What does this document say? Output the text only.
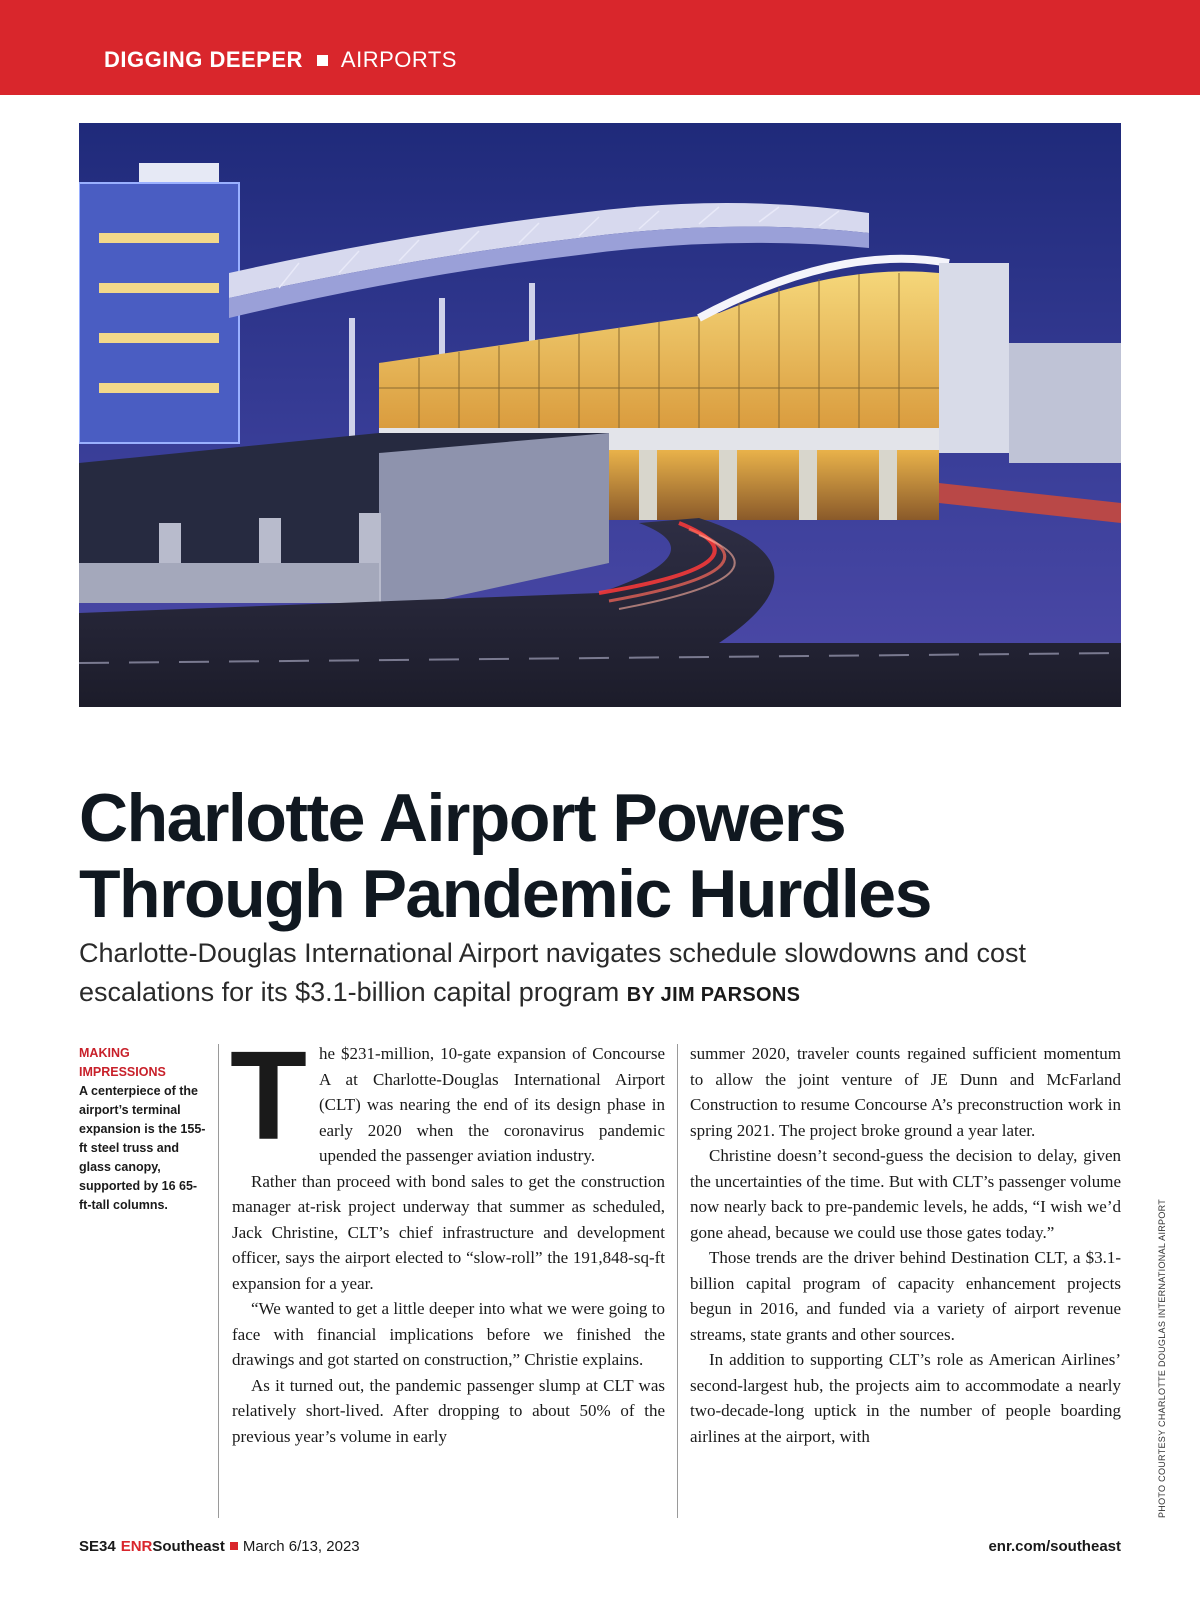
DIGGING DEEPER AIRPORTS
Charlotte Airport Powers
Through Pandemic Hurdles
Charlotte-Douglas International Airport navigates schedule slowdowns and cost escalations for its $3.1-billion capital program BY JIM PARSONS
MAKING IMPRESSIONS
A centerpiece of the airport’s terminal expansion is the 155-ft steel truss and glass canopy, supported by 16 65-ft-tall columns.

The $231-million, 10-gate expansion of Concourse A at Charlotte-Douglas International Airport (CLT) was nearing the end of its design phase in early 2020 when the coronavirus pandemic upended the passenger aviation industry.

Rather than proceed with bond sales to get the construction manager at-risk project underway that summer as scheduled, Jack Christine, CLT’s chief infrastructure and development officer, says the airport elected to “slow-roll” the 191,848-sq-ft expansion for a year.

“We wanted to get a little deeper into what we were going to face with financial implications before we finished the drawings and got started on construction,” Christie explains.

As it turned out, the pandemic passenger slump at CLT was relatively short-lived. After dropping to about 50% of the previous year’s volume in early

summer 2020, traveler counts regained sufficient momentum to allow the joint venture of JE Dunn and McFarland Construction to resume Concourse A’s preconstruction work in spring 2021. The project broke ground a year later.

Christine doesn’t second-guess the decision to delay, given the uncertainties of the time. But with CLT’s passenger volume now nearly back to pre-pandemic levels, he adds, “I wish we’d gone ahead, because we could use those gates today.”

Those trends are the driver behind Destination CLT, a $3.1-billion capital program of capacity enhancement projects begun in 2016, and funded via a variety of airport revenue streams, state grants and other sources.

In addition to supporting CLT’s role as American Airlines’ second-largest hub, the projects aim to accommodate a nearly two-decade-long uptick in the number of people boarding airlines at the airport, with	PHOTO COURTESY CHARLOTTE DOUGLAS INTERNATIONAL AIRPORT
SE34 ENRSoutheast March 6/13, 2023	enr.com/southeast
